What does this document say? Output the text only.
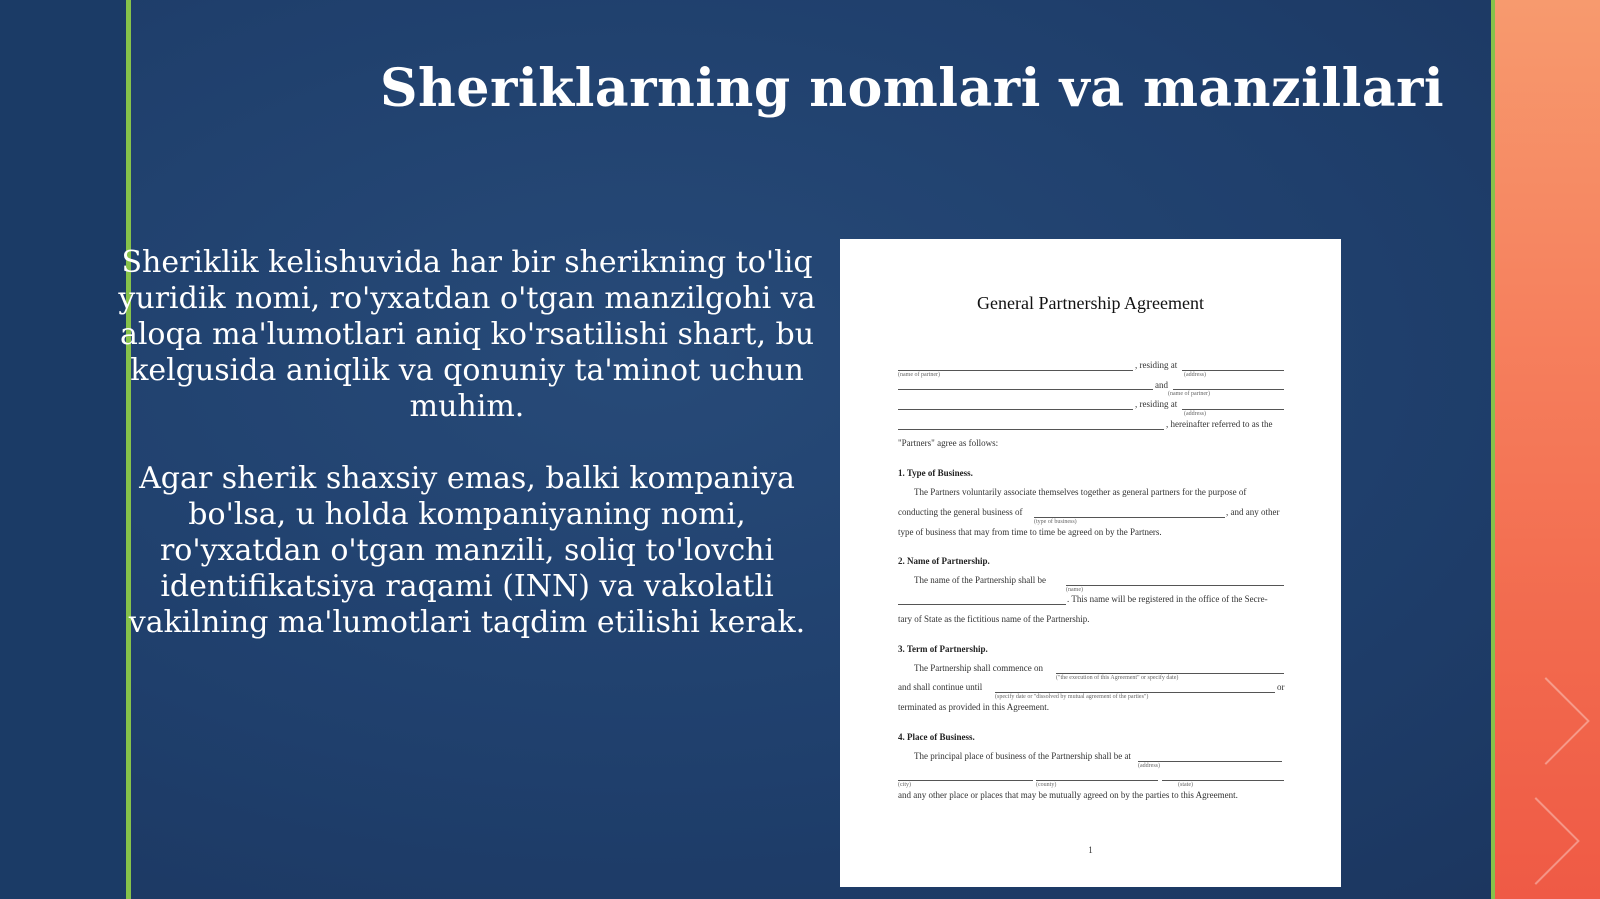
Sheriklarning nomlari va manzillari

Sheriklik kelishuvida har bir sherikning to'liq yuridik nomi, ro'yxatdan o'tgan manzilgohi va aloqa ma'lumotlari aniq ko'rsatilishi shart, bu kelgusida aniqlik va qonuniy ta'minot uchun muhim.

Agar sherik shaxsiy emas, balki kompaniya bo'lsa, u holda kompaniyaning nomi, ro'yxatdan o'tgan manzili, soliq to'lovchi identifikatsiya raqami (INN) va vakolatli vakilning ma'lumotlari taqdim etilishi kerak.

General Partnership Agreement
, residing at
(name of partner)	(address)
and
(name of partner)
, residing at
(address)
, hereinafter referred to as the
"Partners" agree as follows:
1. Type of Business.
The Partners voluntarily associate themselves together as general partners for the purpose of
conducting the general business of	, and any other
(type of business)
type of business that may from time to time be agreed on by the Partners.
2. Name of Partnership.
The name of the Partnership shall be
(name)
. This name will be registered in the office of the Secre-
tary of State as the fictitious name of the Partnership.
3. Term of Partnership.
The Partnership shall commence on
("the execution of this Agreement" or specify date)
and shall continue until	or
(specify date or "dissolved by mutual agreement of the parties")
terminated as provided in this Agreement.
4. Place of Business.
The principal place of business of the Partnership shall be at
(address)
(city)	(county)	(state)
and any other place or places that may be mutually agreed on by the parties to this Agreement.
1
